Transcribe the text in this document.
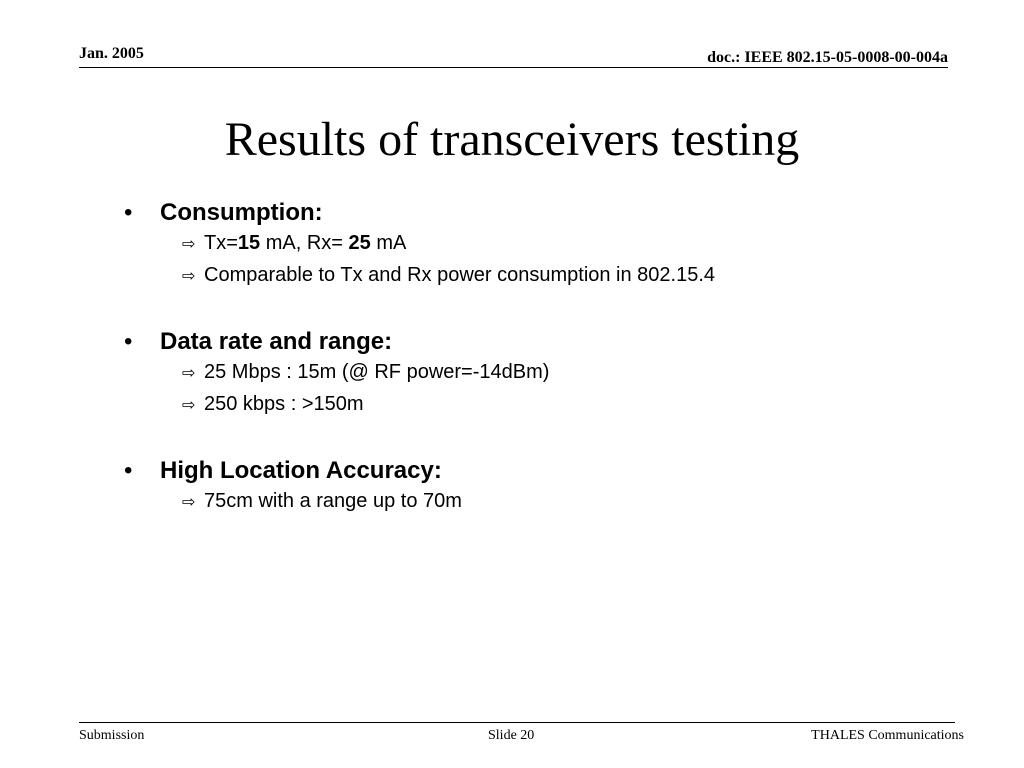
Jan. 2005	doc.: IEEE 802.15-05-0008-00-004a
Results of transceivers testing
•	Consumption:
⇨ Tx=15 mA, Rx= 25 mA
⇨ Comparable to Tx and Rx power consumption in 802.15.4
•	Data rate and range:
⇨ 25 Mbps : 15m (@ RF power=-14dBm)
⇨ 250 kbps : >150m
•	High Location Accuracy:
⇨ 75cm with a range up to 70m
Submission	Slide 20	THALES Communications
